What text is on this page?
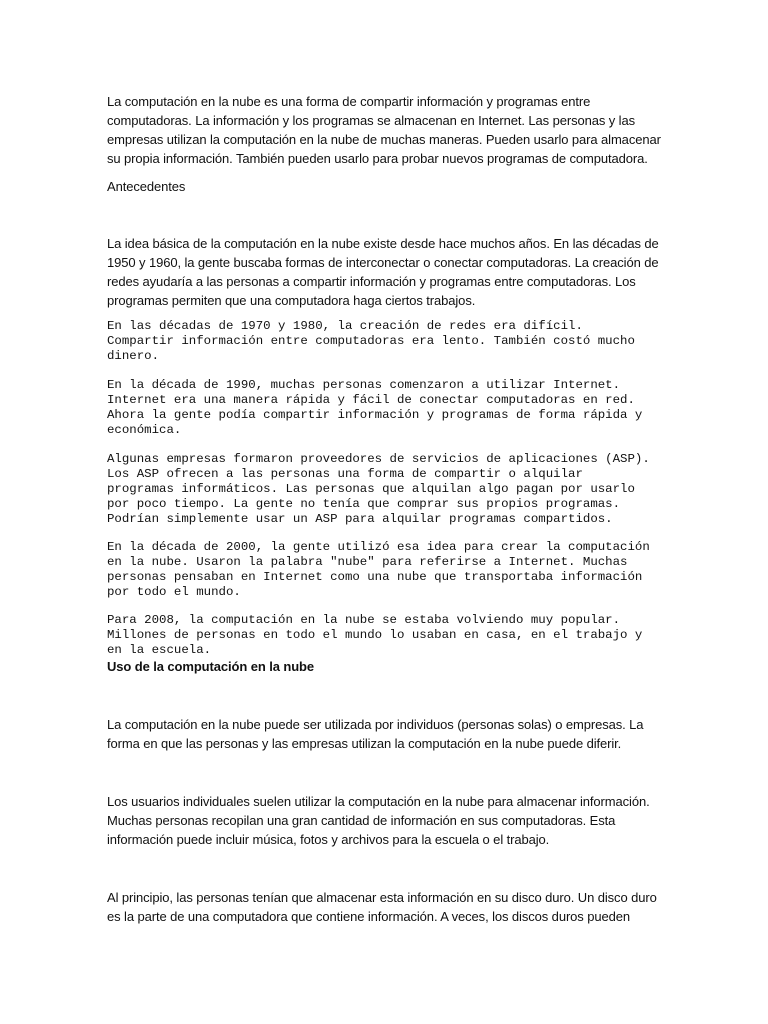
La computación en la nube es una forma de compartir información y programas entre computadoras. La información y los programas se almacenan en Internet. Las personas y las empresas utilizan la computación en la nube de muchas maneras. Pueden usarlo para almacenar su propia información. También pueden usarlo para probar nuevos programas de computadora.

Antecedentes

La idea básica de la computación en la nube existe desde hace muchos años. En las décadas de 1950 y 1960, la gente buscaba formas de interconectar o conectar computadoras. La creación de redes ayudaría a las personas a compartir información y programas entre computadoras. Los programas permiten que una computadora haga ciertos trabajos.

En las décadas de 1970 y 1980, la creación de redes era difícil.
Compartir información entre computadoras era lento. También costó mucho
dinero.

En la década de 1990, muchas personas comenzaron a utilizar Internet.
Internet era una manera rápida y fácil de conectar computadoras en red.
Ahora la gente podía compartir información y programas de forma rápida y
económica.

Algunas empresas formaron proveedores de servicios de aplicaciones (ASP).
Los ASP ofrecen a las personas una forma de compartir o alquilar
programas informáticos. Las personas que alquilan algo pagan por usarlo
por poco tiempo. La gente no tenía que comprar sus propios programas.
Podrían simplemente usar un ASP para alquilar programas compartidos.

En la década de 2000, la gente utilizó esa idea para crear la computación
en la nube. Usaron la palabra "nube" para referirse a Internet. Muchas
personas pensaban en Internet como una nube que transportaba información
por todo el mundo.

Para 2008, la computación en la nube se estaba volviendo muy popular.
Millones de personas en todo el mundo lo usaban en casa, en el trabajo y
en la escuela.

Uso de la computación en la nube

La computación en la nube puede ser utilizada por individuos (personas solas) o empresas. La forma en que las personas y las empresas utilizan la computación en la nube puede diferir.

Los usuarios individuales suelen utilizar la computación en la nube para almacenar información. Muchas personas recopilan una gran cantidad de información en sus computadoras. Esta información puede incluir música, fotos y archivos para la escuela o el trabajo.

Al principio, las personas tenían que almacenar esta información en su disco duro. Un disco duro es la parte de una computadora que contiene información. A veces, los discos duros pueden
